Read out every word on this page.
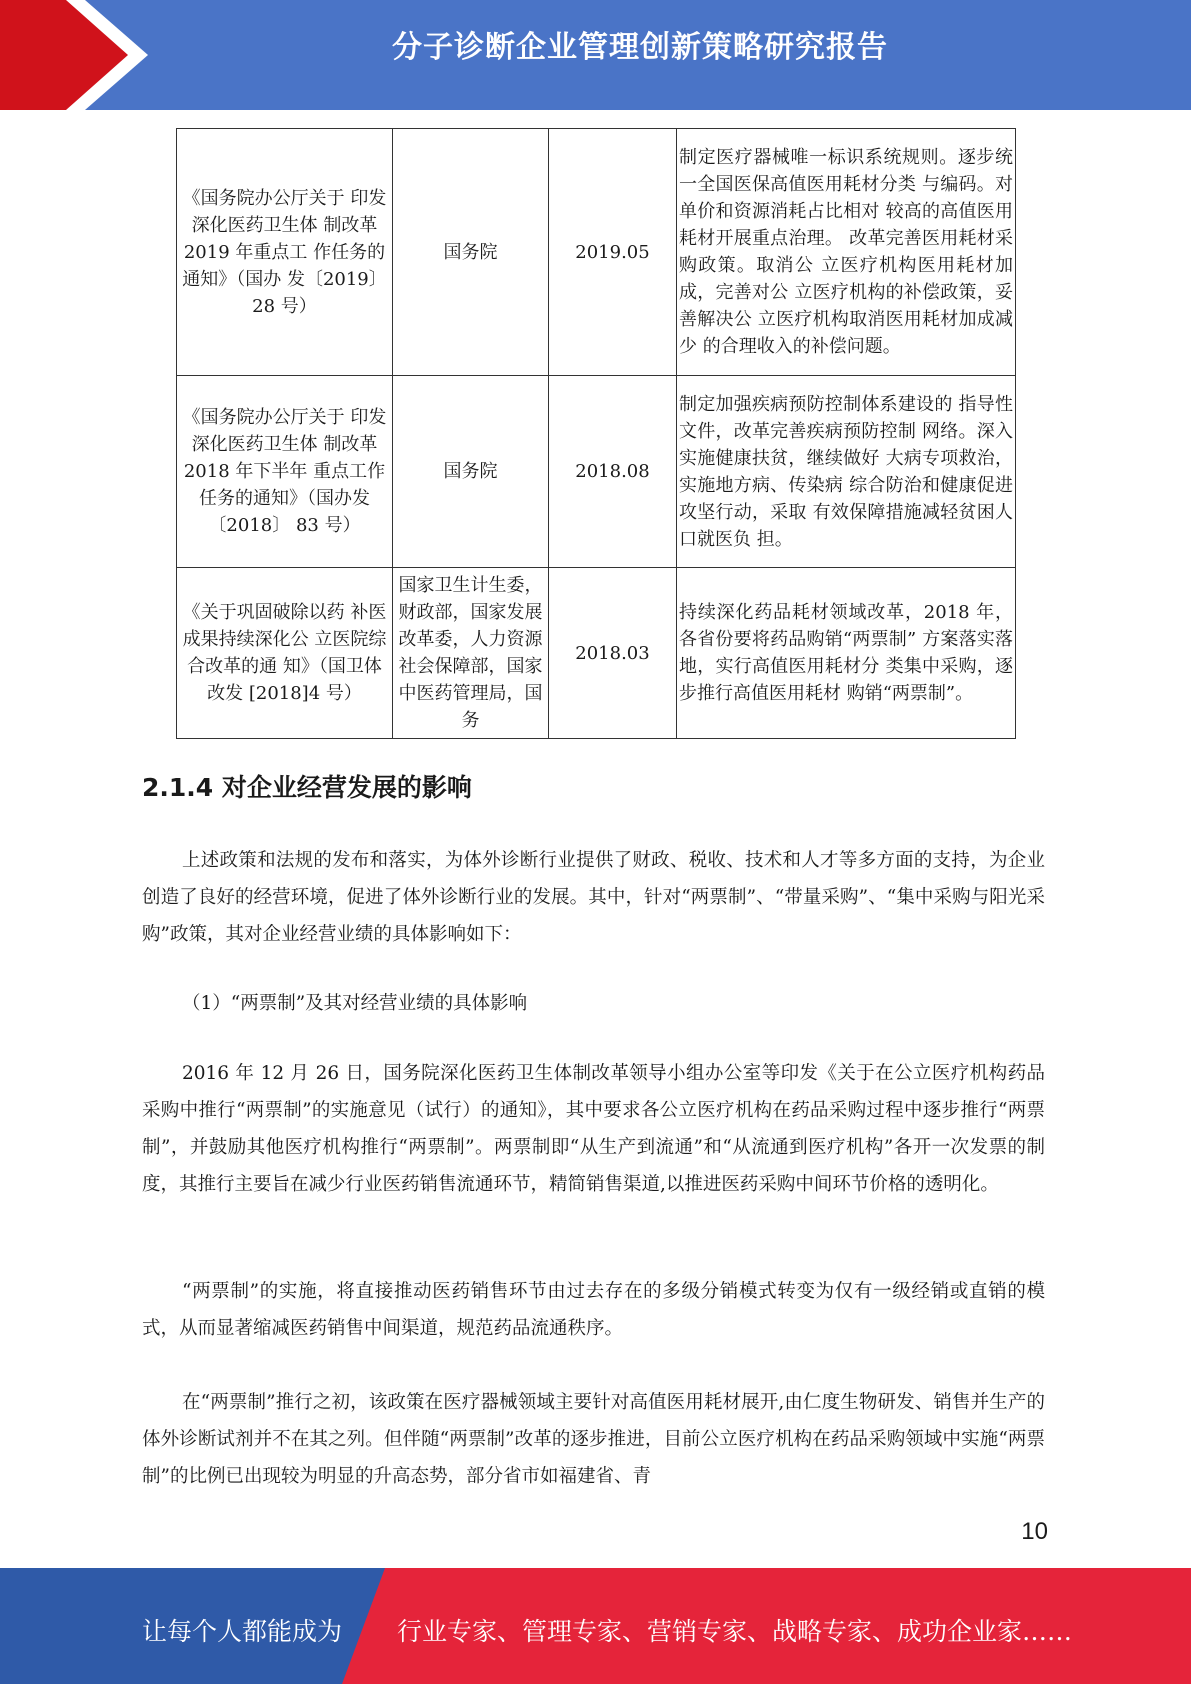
分子诊断企业管理创新策略研究报告
《国务院办公厅关于 印发深化医药卫生体 制改革 2019 年重点工 作任务的通知》（国办 发〔2019〕 28 号）	国务院	2019.05	制定医疗器械唯一标识系统规则。逐步统一全国医保高值医用耗材分类 与编码。对单价和资源消耗占比相对 较高的高值医用耗材开展重点治理。 改革完善医用耗材采购政策。取消公 立医疗机构医用耗材加成，完善对公 立医疗机构的补偿政策，妥善解决公 立医疗机构取消医用耗材加成减少 的合理收入的补偿问题。
《国务院办公厅关于 印发深化医药卫生体 制改革 2018 年下半年 重点工作任务的通知》（国办发〔2018〕 83 号）	国务院	2018.08	制定加强疾病预防控制体系建设的 指导性文件，改革完善疾病预防控制 网络。深入实施健康扶贫，继续做好 大病专项救治，实施地方病、传染病 综合防治和健康促进攻坚行动，采取 有效保障措施减轻贫困人口就医负 担。
《关于巩固破除以药 补医成果持续深化公 立医院综合改革的通 知》（国卫体改发 [2018]4 号）	国家卫生计生委，财政部，国家发展改革委，人力资源社会保障部，国家中医药管理局，国务	2018.03	持续深化药品耗材领域改革，2018 年，各省份要将药品购销“两票制” 方案落实落地，实行高值医用耗材分 类集中采购，逐步推行高值医用耗材 购销“两票制”。
2.1.4 对企业经营发展的影响

上述政策和法规的发布和落实，为体外诊断行业提供了财政、税收、技术和人才等多方面的支持，为企业创造了良好的经营环境，促进了体外诊断行业的发展。其中，针对“两票制”、“带量采购”、“集中采购与阳光采购”政策，其对企业经营业绩的具体影响如下：

（1）“两票制”及其对经营业绩的具体影响

2016 年 12 月 26 日，国务院深化医药卫生体制改革领导小组办公室等印发《关于在公立医疗机构药品采购中推行“两票制”的实施意见（试行）的通知》，其中要求各公立医疗机构在药品采购过程中逐步推行“两票制”，并鼓励其他医疗机构推行“两票制”。两票制即“从生产到流通”和“从流通到医疗机构”各开一次发票的制度，其推行主要旨在减少行业医药销售流通环节，精简销售渠道,以推进医药采购中间环节价格的透明化。

“两票制”的实施，将直接推动医药销售环节由过去存在的多级分销模式转变为仅有一级经销或直销的模式，从而显著缩减医药销售中间渠道，规范药品流通秩序。

在“两票制”推行之初，该政策在医疗器械领域主要针对高值医用耗材展开,由仁度生物研发、销售并生产的体外诊断试剂并不在其之列。但伴随“两票制”改革的逐步推进，目前公立医疗机构在药品采购领域中实施“两票制”的比例已出现较为明显的升高态势，部分省市如福建省、青

10
让每个人都能成为 行业专家、管理专家、营销专家、战略专家、成功企业家……
